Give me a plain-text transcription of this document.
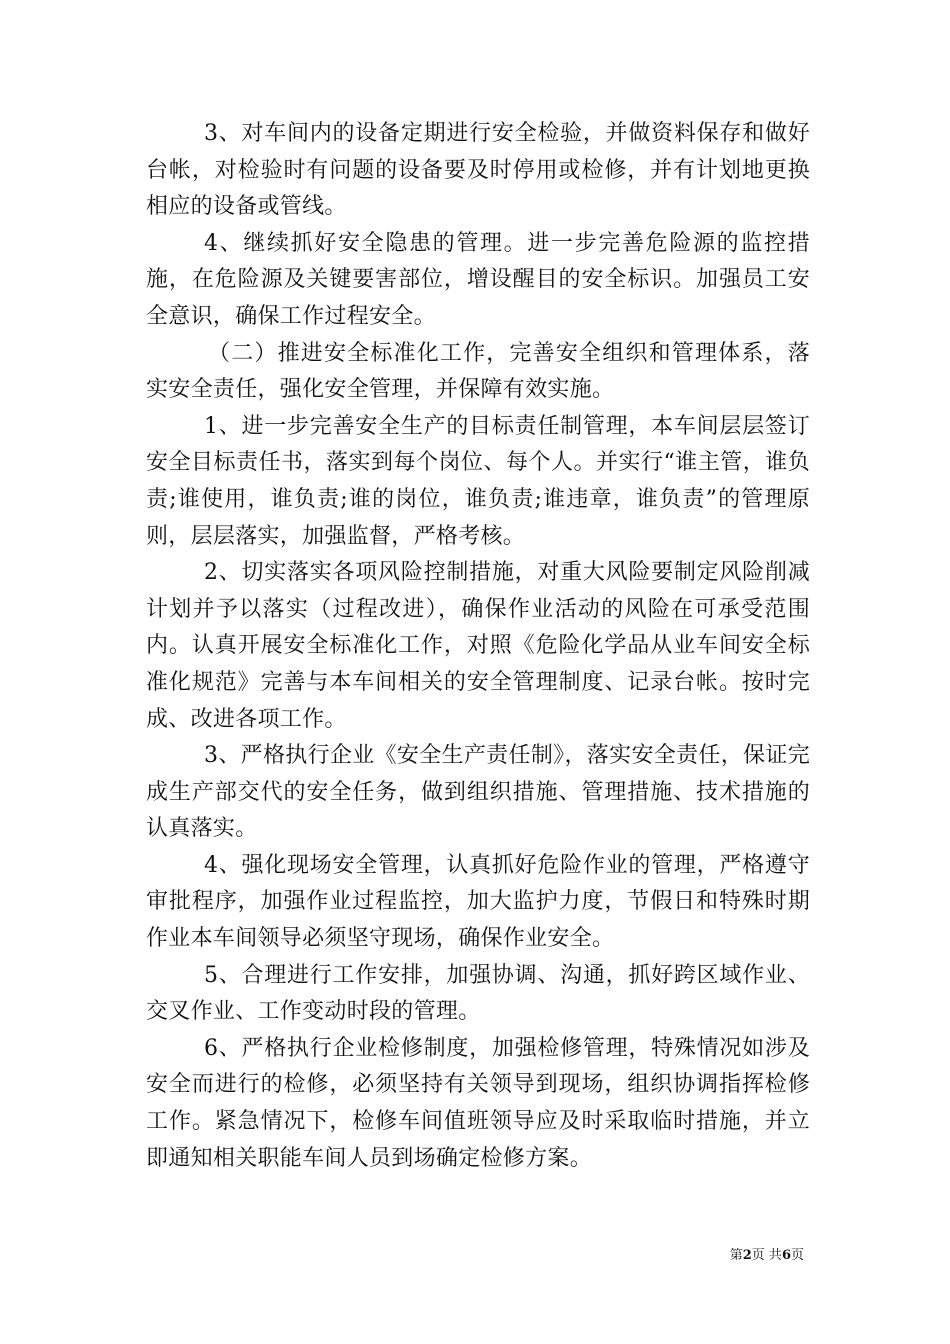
3、对车间内的设备定期进行安全检验，并做资料保存和做好台帐，对检验时有问题的设备要及时停用或检修，并有计划地更换相应的设备或管线。

4、继续抓好安全隐患的管理。进一步完善危险源的监控措施，在危险源及关键要害部位，增设醒目的安全标识。加强员工安全意识，确保工作过程安全。

（二）推进安全标准化工作，完善安全组织和管理体系，落实安全责任，强化安全管理，并保障有效实施。

1、进一步完善安全生产的目标责任制管理，本车间层层签订安全目标责任书，落实到每个岗位、每个人。并实行“谁主管，谁负责;谁使用，谁负责;谁的岗位，谁负责;谁违章，谁负责”的管理原则，层层落实，加强监督，严格考核。

2、切实落实各项风险控制措施，对重大风险要制定风险削减计划并予以落实（过程改进），确保作业活动的风险在可承受范围内。认真开展安全标准化工作，对照《危险化学品从业车间安全标准化规范》完善与本车间相关的安全管理制度、记录台帐。按时完成、改进各项工作。

3、严格执行企业《安全生产责任制》，落实安全责任，保证完成生产部交代的安全任务，做到组织措施、管理措施、技术措施的认真落实。

4、强化现场安全管理，认真抓好危险作业的管理，严格遵守审批程序，加强作业过程监控，加大监护力度，节假日和特殊时期作业本车间领导必须坚守现场，确保作业安全。

5、合理进行工作安排，加强协调、沟通，抓好跨区域作业、交叉作业、工作变动时段的管理。

6、严格执行企业检修制度，加强检修管理，特殊情况如涉及安全而进行的检修，必须坚持有关领导到现场，组织协调指挥检修工作。紧急情况下，检修车间值班领导应及时采取临时措施，并立即通知相关职能车间人员到场确定检修方案。

第2页 共6页
